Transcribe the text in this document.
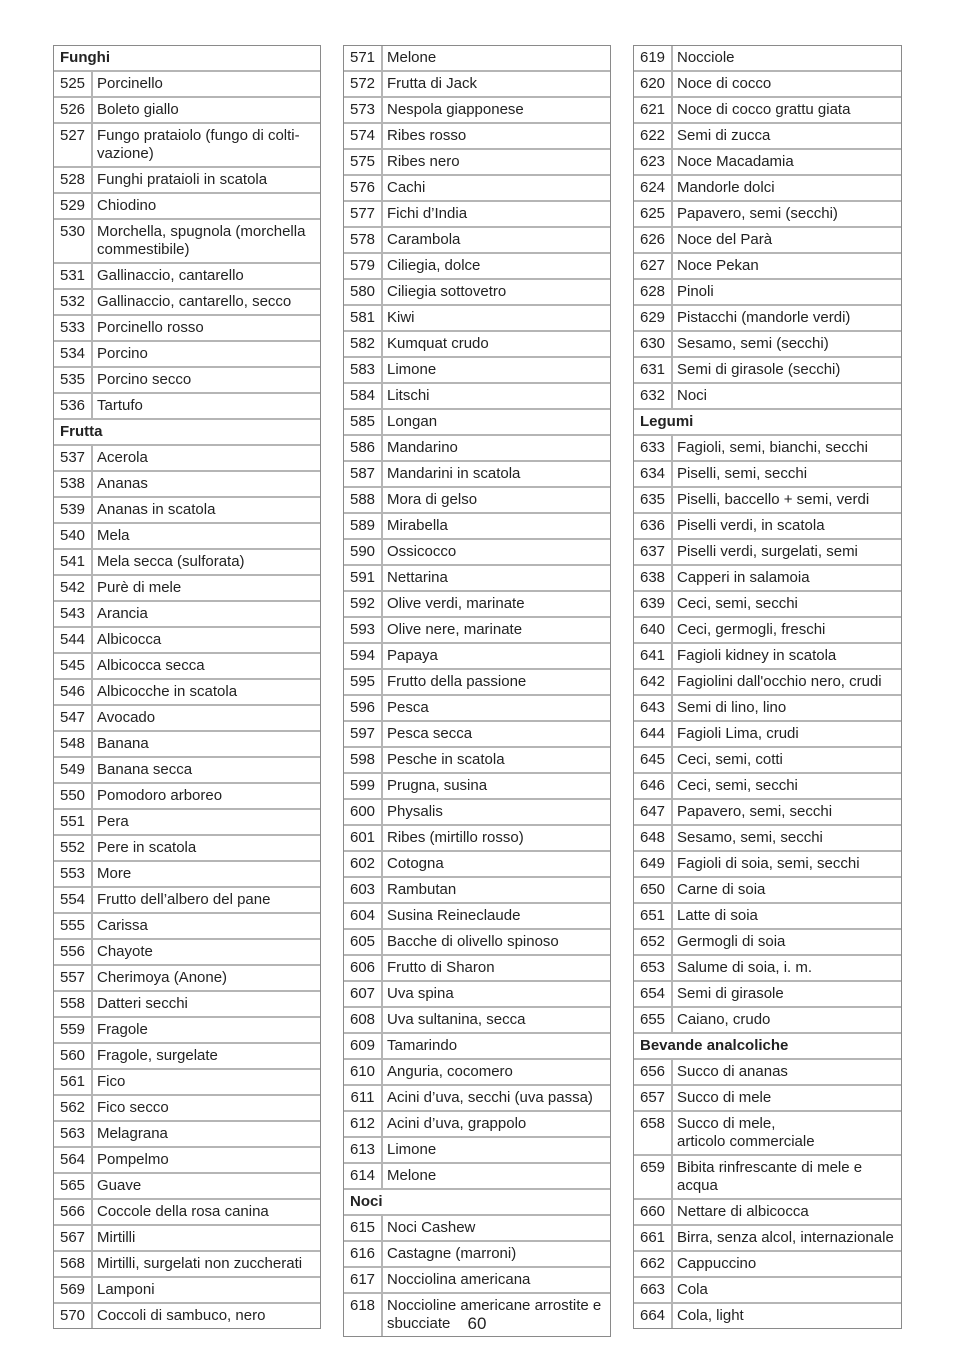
Funghi	
525	Porcinello
526	Boleto giallo
527	Fungo prataiolo (fungo di colti-
vazione)
528	Funghi prataioli in scatola
529	Chiodino
530	Morchella, spugnola (morchella
commestibile)
531	Gallinaccio, cantarello
532	Gallinaccio, cantarello, secco
533	Porcinello rosso
534	Porcino
535	Porcino secco
536	Tartufo
Frutta	
537	Acerola
538	Ananas
539	Ananas in scatola
540	Mela
541	Mela secca (sulforata)
542	Purè di mele
543	Arancia
544	Albicocca
545	Albicocca secca
546	Albicocche in scatola
547	Avocado
548	Banana
549	Banana secca
550	Pomodoro arboreo
551	Pera
552	Pere in scatola
553	More
554	Frutto dell’albero del pane
555	Carissa
556	Chayote
557	Cherimoya (Anone)
558	Datteri secchi
559	Fragole
560	Fragole, surgelate
561	Fico
562	Fico secco
563	Melagrana
564	Pompelmo
565	Guave
566	Coccole della rosa canina
567	Mirtilli
568	Mirtilli, surgelati non zuccherati
569	Lamponi
570	Coccoli di sambuco, nero
571	Melone
572	Frutta di Jack
573	Nespola giapponese
574	Ribes rosso
575	Ribes nero
576	Cachi
577	Fichi d’India
578	Carambola
579	Ciliegia, dolce
580	Ciliegia sottovetro
581	Kiwi
582	Kumquat crudo
583	Limone
584	Litschi
585	Longan
586	Mandarino
587	Mandarini in scatola
588	Mora di gelso
589	Mirabella
590	Ossicocco
591	Nettarina
592	Olive verdi, marinate
593	Olive nere, marinate
594	Papaya
595	Frutto della passione
596	Pesca
597	Pesca secca
598	Pesche in scatola
599	Prugna, susina
600	Physalis
601	Ribes (mirtillo rosso)
602	Cotogna
603	Rambutan
604	Susina Reineclaude
605	Bacche di olivello spinoso
606	Frutto di Sharon
607	Uva spina
608	Uva sultanina, secca
609	Tamarindo
610	Anguria, cocomero
611	Acini d’uva, secchi (uva passa)
612	Acini d’uva, grappolo
613	Limone
614	Melone
Noci	
615	Noci Cashew
616	Castagne (marroni)
617	Nocciolina americana
618	Noccioline americane arrostite e
sbucciate
619	Nocciole
620	Noce di cocco
621	Noce di cocco grattu giata
622	Semi di zucca
623	Noce Macadamia
624	Mandorle dolci
625	Papavero, semi (secchi)
626	Noce del Parà
627	Noce Pekan
628	Pinoli
629	Pistacchi (mandorle verdi)
630	Sesamo, semi (secchi)
631	Semi di girasole (secchi)
632	Noci
Legumi	
633	Fagioli, semi, bianchi, secchi
634	Piselli, semi, secchi
635	Piselli, baccello + semi, verdi
636	Piselli verdi, in scatola
637	Piselli verdi, surgelati, semi
638	Capperi in salamoia
639	Ceci, semi, secchi
640	Ceci, germogli, freschi
641	Fagioli kidney in scatola
642	Fagiolini dall'occhio nero, crudi
643	Semi di lino, lino
644	Fagioli Lima, crudi
645	Ceci, semi, cotti
646	Ceci, semi, secchi
647	Papavero, semi, secchi
648	Sesamo, semi, secchi
649	Fagioli di soia, semi, secchi
650	Carne di soia
651	Latte di soia
652	Germogli di soia
653	Salume di soia, i. m.
654	Semi di girasole
655	Caiano, crudo
Bevande analcoliche	
656	Succo di ananas
657	Succo di mele
658	Succo di mele,
articolo commerciale
659	Bibita rinfrescante di mele e
acqua
660	Nettare di albicocca
661	Birra, senza alcol, internazionale
662	Cappuccino
663	Cola
664	Cola, light
60
